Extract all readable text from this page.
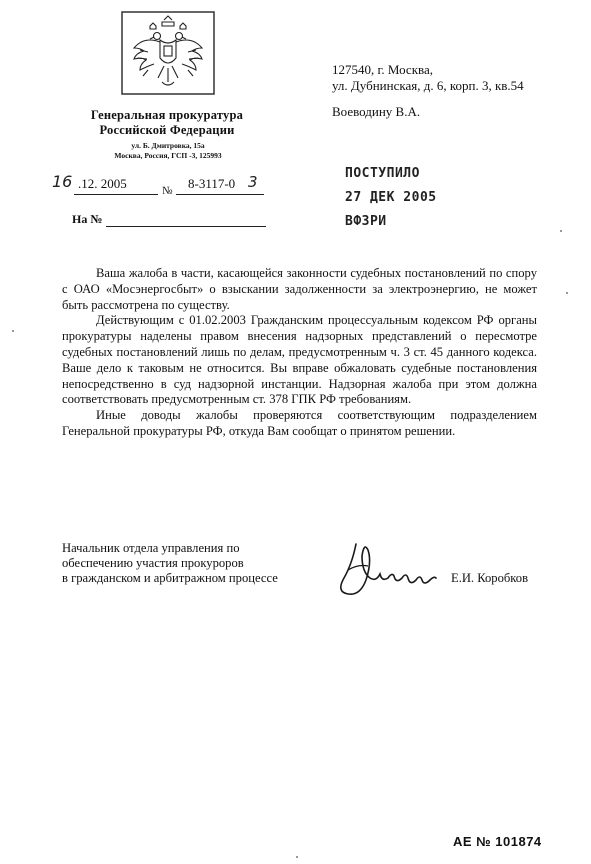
Генеральная прокуратура
Российской Федерации
ул. Б. Дмитровка, 15а
Москва, Россия, ГСП -3, 125993
16 .12. 2005	№ 8-3117-0 3
На №
127540, г. Москва,
ул. Дубнинская, д. 6, корп. 3, кв.54
Воеводину В.А.
ПОСТУПИЛО
27 ДЕК 2005
ВФЗРИ

Ваша жалоба в части, касающейся законности судебных постановлений по спору с ОАО «Мосэнергосбыт» о взыскании задолженности за электроэнергию, не может быть рассмотрена по существу.

Действующим с 01.02.2003 Гражданским процессуальным кодексом РФ органы прокуратуры наделены правом внесения надзорных представлений о пересмотре судебных постановлений лишь по делам, предусмотренным ч. 3 ст. 45 данного кодекса. Ваше дело к таковым не относится. Вы вправе обжаловать судебные постановления непосредственно в суд надзорной инстанции. Надзорная жалоба при этом должна соответствовать предусмотренным ст. 378 ГПК РФ требованиям.

Иные доводы жалобы проверяются соответствующим подразделением Генеральной прокуратуры РФ, откуда Вам сообщат о принятом решении.

Начальник отдела управления по
обеспечению участия прокуроров
в гражданском и арбитражном процессе	Е.И. Коробков
АЕ № 101874
